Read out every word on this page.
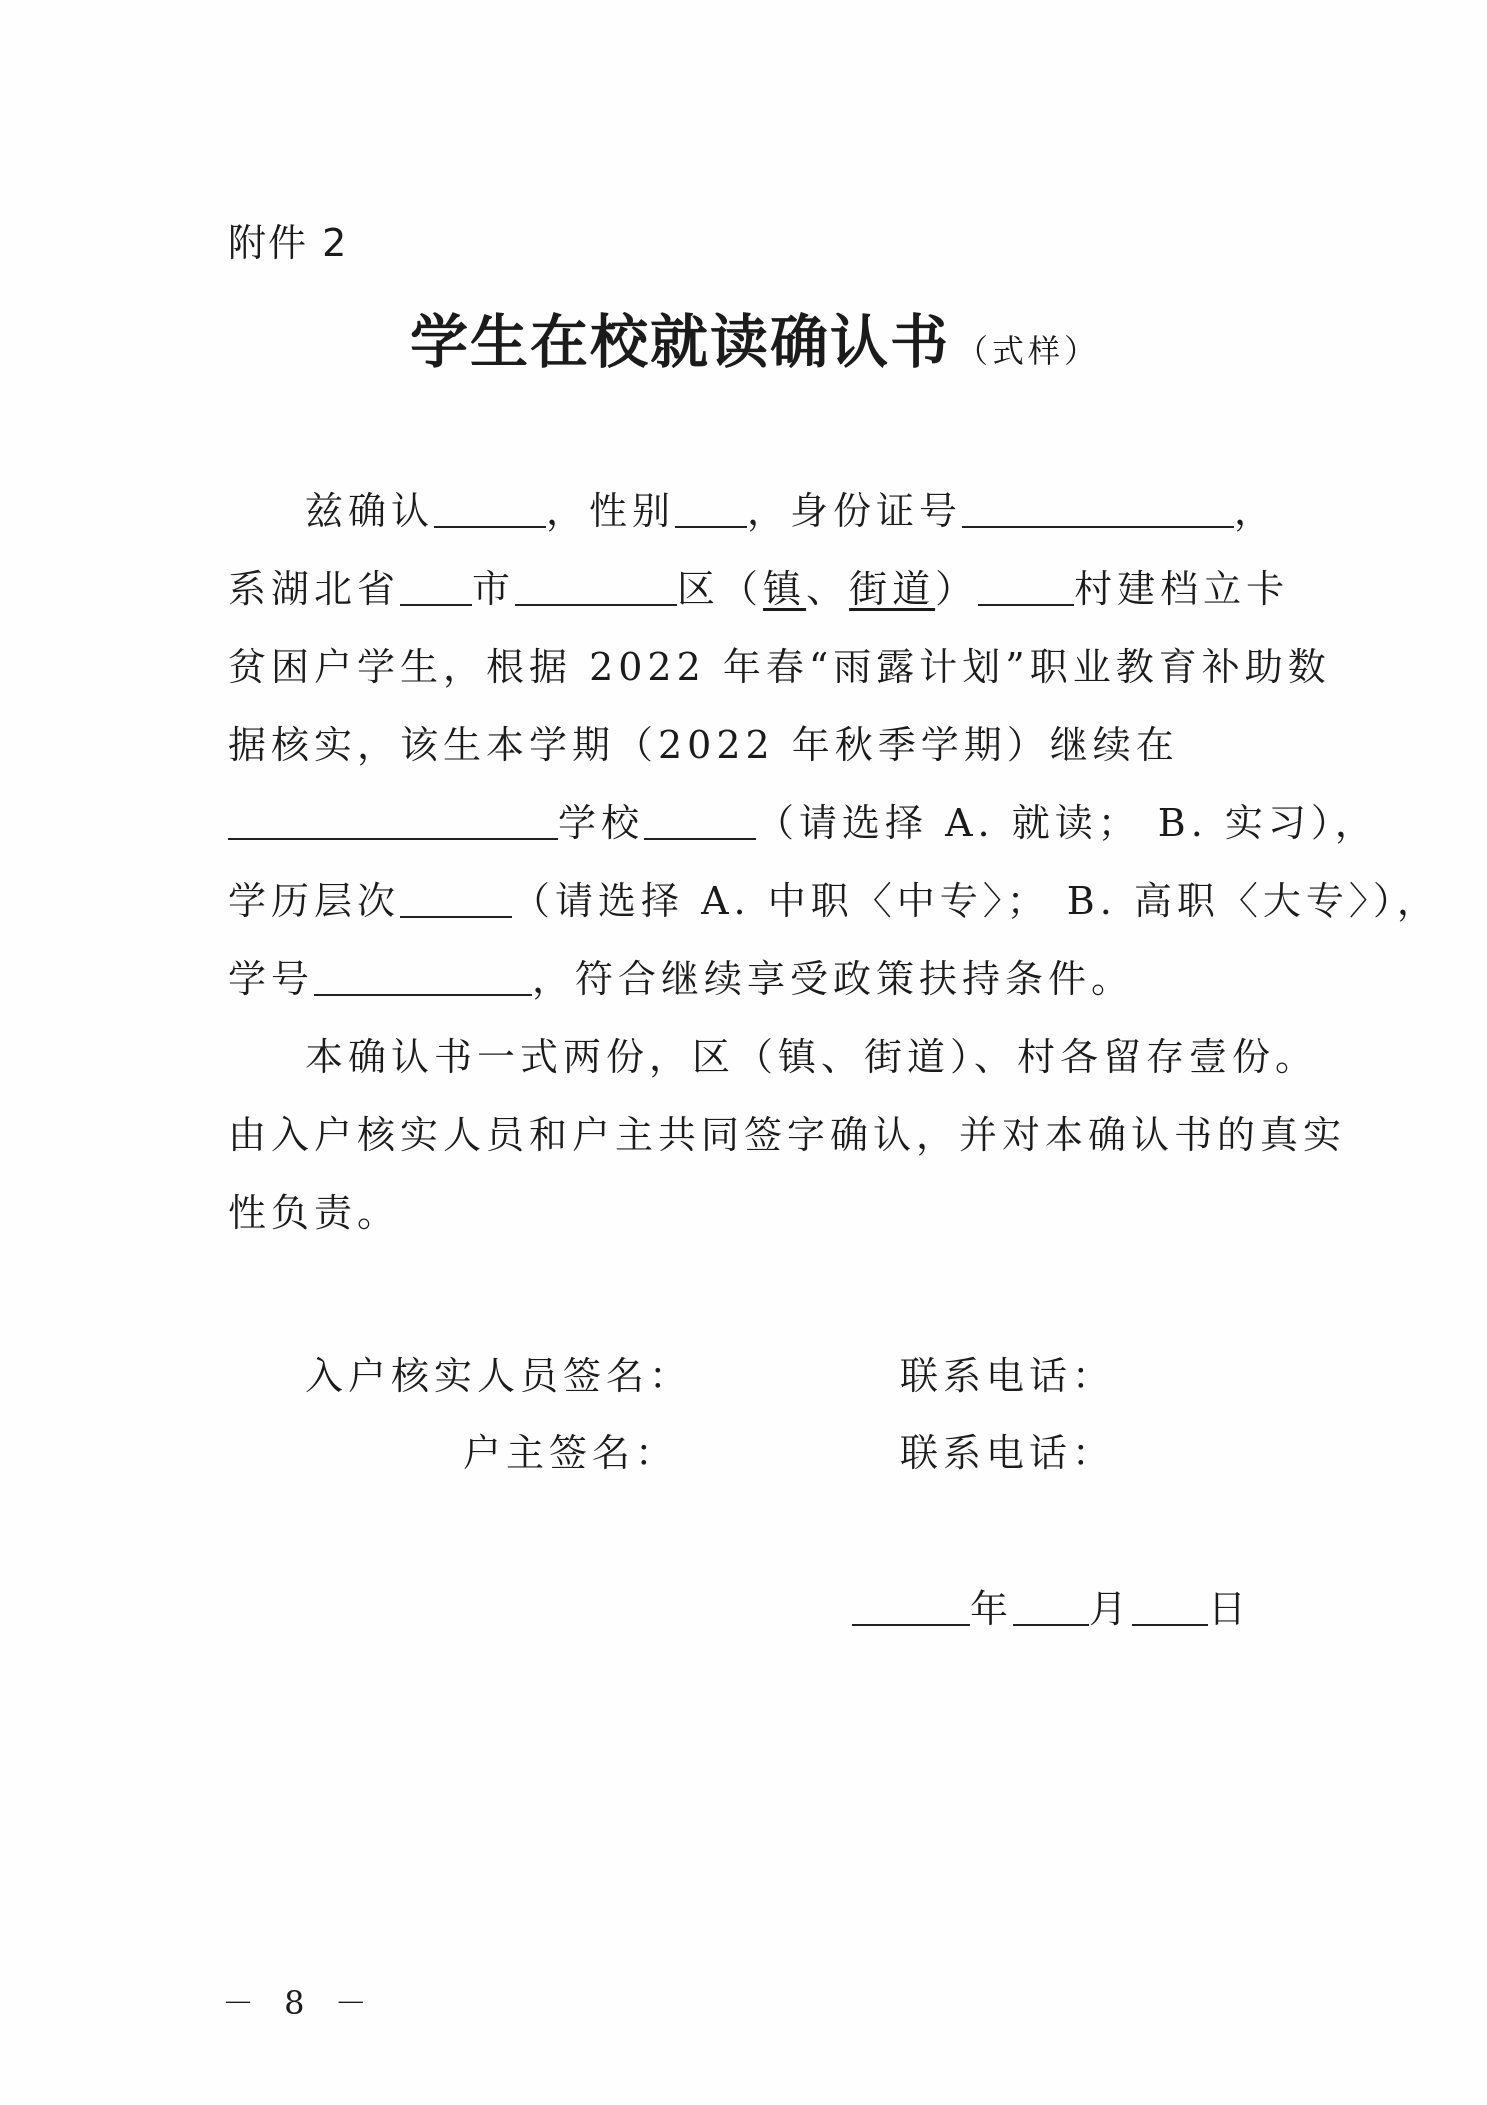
附件 2
学生在校就读确认书 （式样）
兹确认	，性别 ，身份证号	，
系湖北省 市	区（镇、街道）	村建档立卡
贫困户学生，根据 2022 年春“雨露计划”职业教育补助数
据核实，该生本学期（2022 年秋季学期）继续在
学校	（请选择 A. 就读； B. 实习），
学历层次	（请选择 A. 中职〈中专〉； B. 高职〈大专〉），
学号	，符合继续享受政策扶持条件。
本确认书一式两份，区（镇、街道）、村各留存壹份。
由入户核实人员和户主共同签字确认，并对本确认书的真实
性负责。
入户核实人员签名：	联系电话：
户主签名：	联系电话：
年 月 日
－ 8 －
